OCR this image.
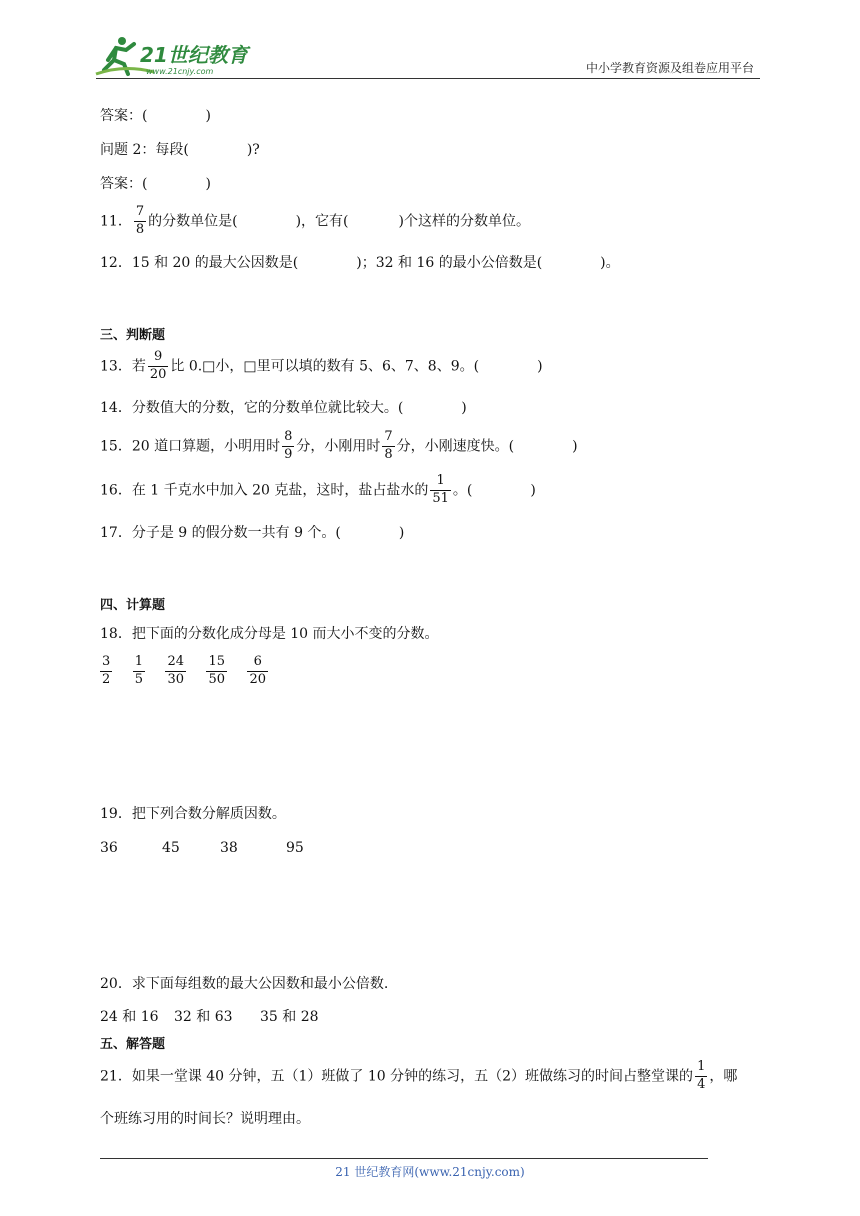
21世纪教育
www.21cnjy.com	中小学教育资源及组卷应用平台
答案：(	)
问题 2：每段(	)?
答案：(	)
11． $\frac{7}{8}$ 的分数单位是(	)，它有(	)个这样的分数单位。
12．15 和 20 的最大公因数是(	)；32 和 16 的最小公倍数是(	)。
三、判断题
13．若 $\frac{9}{20}$ 比 0.□小，□里可以填的数有 5、6、7、8、9。(	)
14．分数值大的分数，它的分数单位就比较大。(	)
15．20 道口算题，小明用时 $\frac{8}{9}$ 分，小刚用时 $\frac{7}{8}$ 分，小刚速度快。(	)
16．在 1 千克水中加入 20 克盐，这时，盐占盐水的 $\frac{1}{51}$ 。(	)
17．分子是 9 的假分数一共有 9 个。(	)
四、计算题
18．把下面的分数化成分母是 10 而大小不变的分数。
$\frac{3}{2}$
$\frac{1}{5}$
$\frac{24}{30}$
$\frac{15}{50}$
$\frac{6}{20}$
19．把下列合数分解质因数。
36	45	38	95
20．求下面每组数的最大公因数和最小公倍数.
24 和 16 32 和 63 35 和 28
五、解答题
21．如果一堂课 40 分钟，五（1）班做了 10 分钟的练习，五（2）班做练习的时间占整堂课的 $\frac{1}{4}$ ，哪
个班练习用的时间长？说明理由。
21 世纪教育网(www.21cnjy.com)
